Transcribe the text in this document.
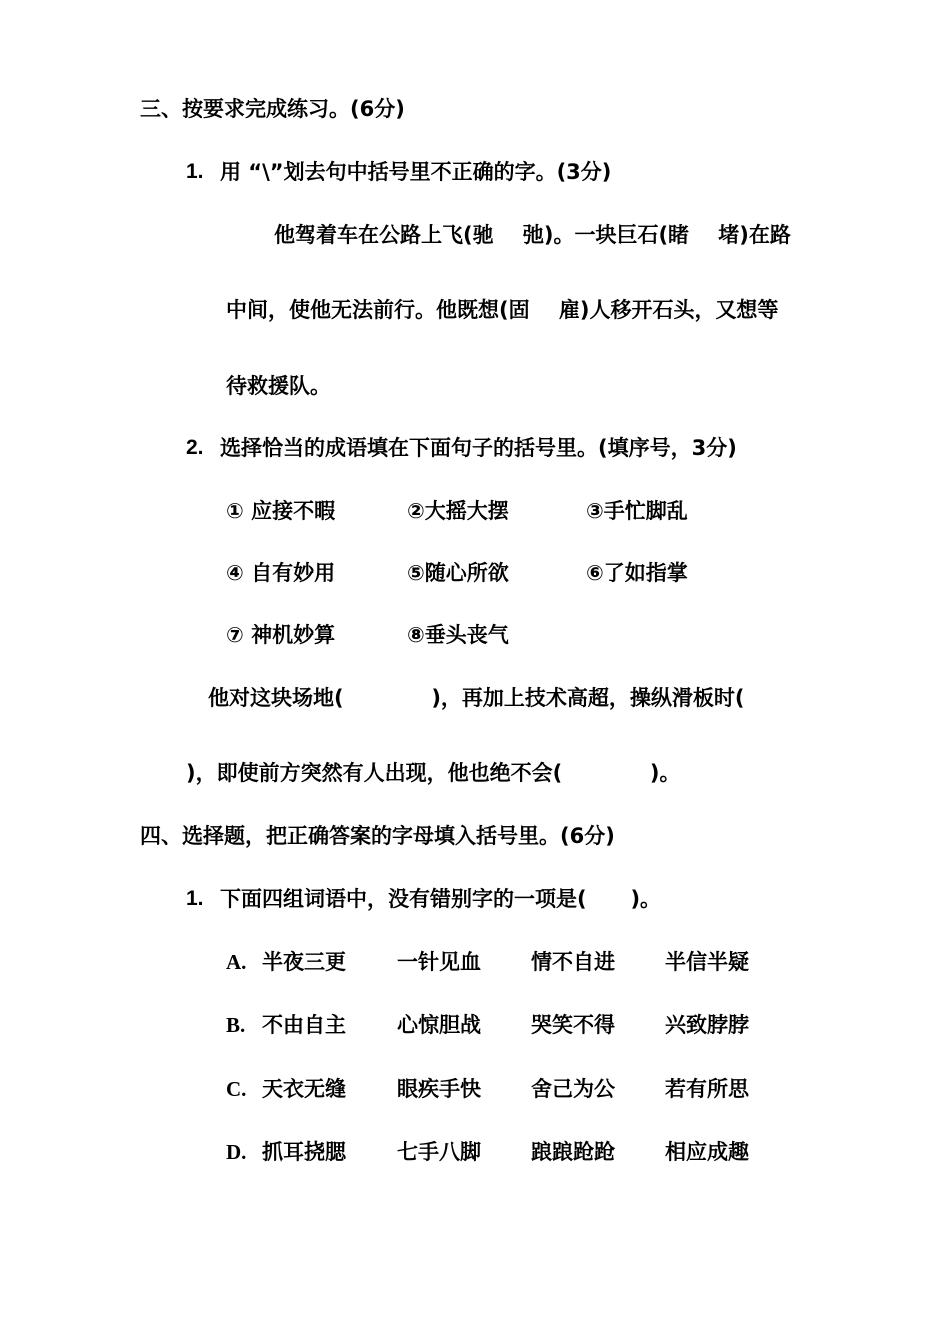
三、按要求完成练习。(6分)
1. 用 “\”划去句中括号里不正确的字。(3分)
他驾着车在公路上飞(驰    弛)。一块巨石(睹    堵)在路
中间，使他无法前行。他既想(固    雇)人移开石头，又想等
待救援队。
2. 选择恰当的成语填在下面句子的括号里。(填序号，3分)
① 应接不暇	②大摇大摆	③手忙脚乱
④ 自有妙用	⑤随心所欲	⑥了如指掌
⑦ 神机妙算	⑧垂头丧气
他对这块场地(            )，再加上技术高超，操纵滑板时(
)，即使前方突然有人出现，他也绝不会(            )。
四、选择题，把正确答案的字母填入括号里。(6分)
1. 下面四组词语中，没有错别字的一项是(      )。
A. 半夜三更 一针见血 情不自进 半信半疑
B. 不由自主 心惊胆战 哭笑不得 兴致脖脖
C. 天衣无缝 眼疾手快 舍己为公 若有所思
D. 抓耳挠腮 七手八脚 踉踉跄跄 相应成趣
